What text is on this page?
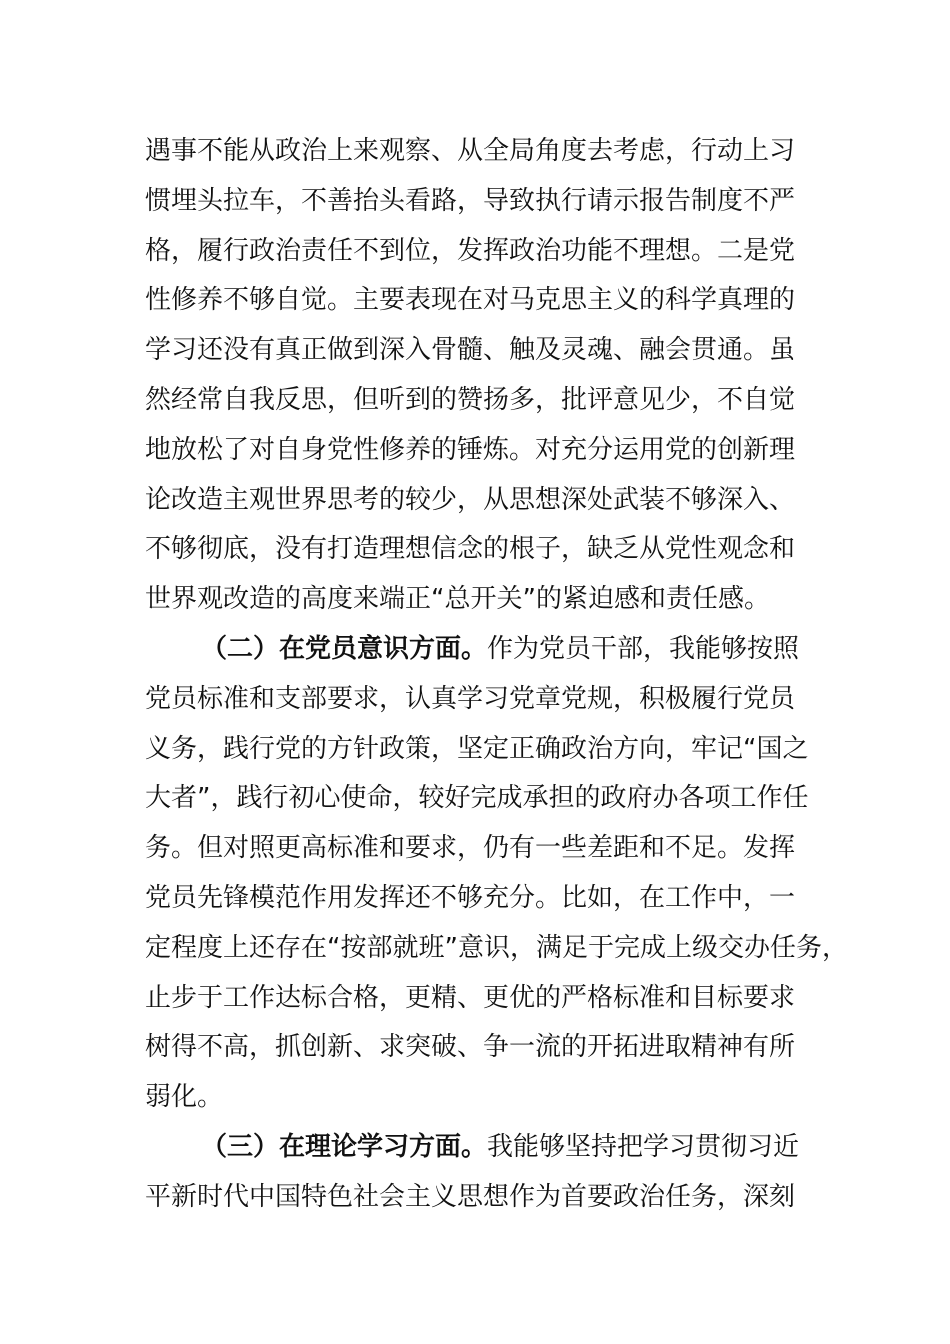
遇事不能从政治上来观察、从全局角度去考虑，行动上习
惯埋头拉车，不善抬头看路，导致执行请示报告制度不严
格，履行政治责任不到位，发挥政治功能不理想。二是党
性修养不够自觉。主要表现在对马克思主义的科学真理的
学习还没有真正做到深入骨髓、触及灵魂、融会贯通。虽
然经常自我反思，但听到的赞扬多，批评意见少，不自觉
地放松了对自身党性修养的锤炼。对充分运用党的创新理
论改造主观世界思考的较少，从思想深处武装不够深入、
不够彻底，没有打造理想信念的根子，缺乏从党性观念和
世界观改造的高度来端正“总开关”的紧迫感和责任感。
（二）在党员意识方面。作为党员干部，我能够按照
党员标准和支部要求，认真学习党章党规，积极履行党员
义务，践行党的方针政策，坚定正确政治方向，牢记“国之
大者”，践行初心使命，较好完成承担的政府办各项工作任
务。但对照更高标准和要求，仍有一些差距和不足。发挥
党员先锋模范作用发挥还不够充分。比如，在工作中，一
定程度上还存在“按部就班”意识，满足于完成上级交办任务，
止步于工作达标合格，更精、更优的严格标准和目标要求
树得不高，抓创新、求突破、争一流的开拓进取精神有所
弱化。
（三）在理论学习方面。我能够坚持把学习贯彻习近
平新时代中国特色社会主义思想作为首要政治任务，深刻
